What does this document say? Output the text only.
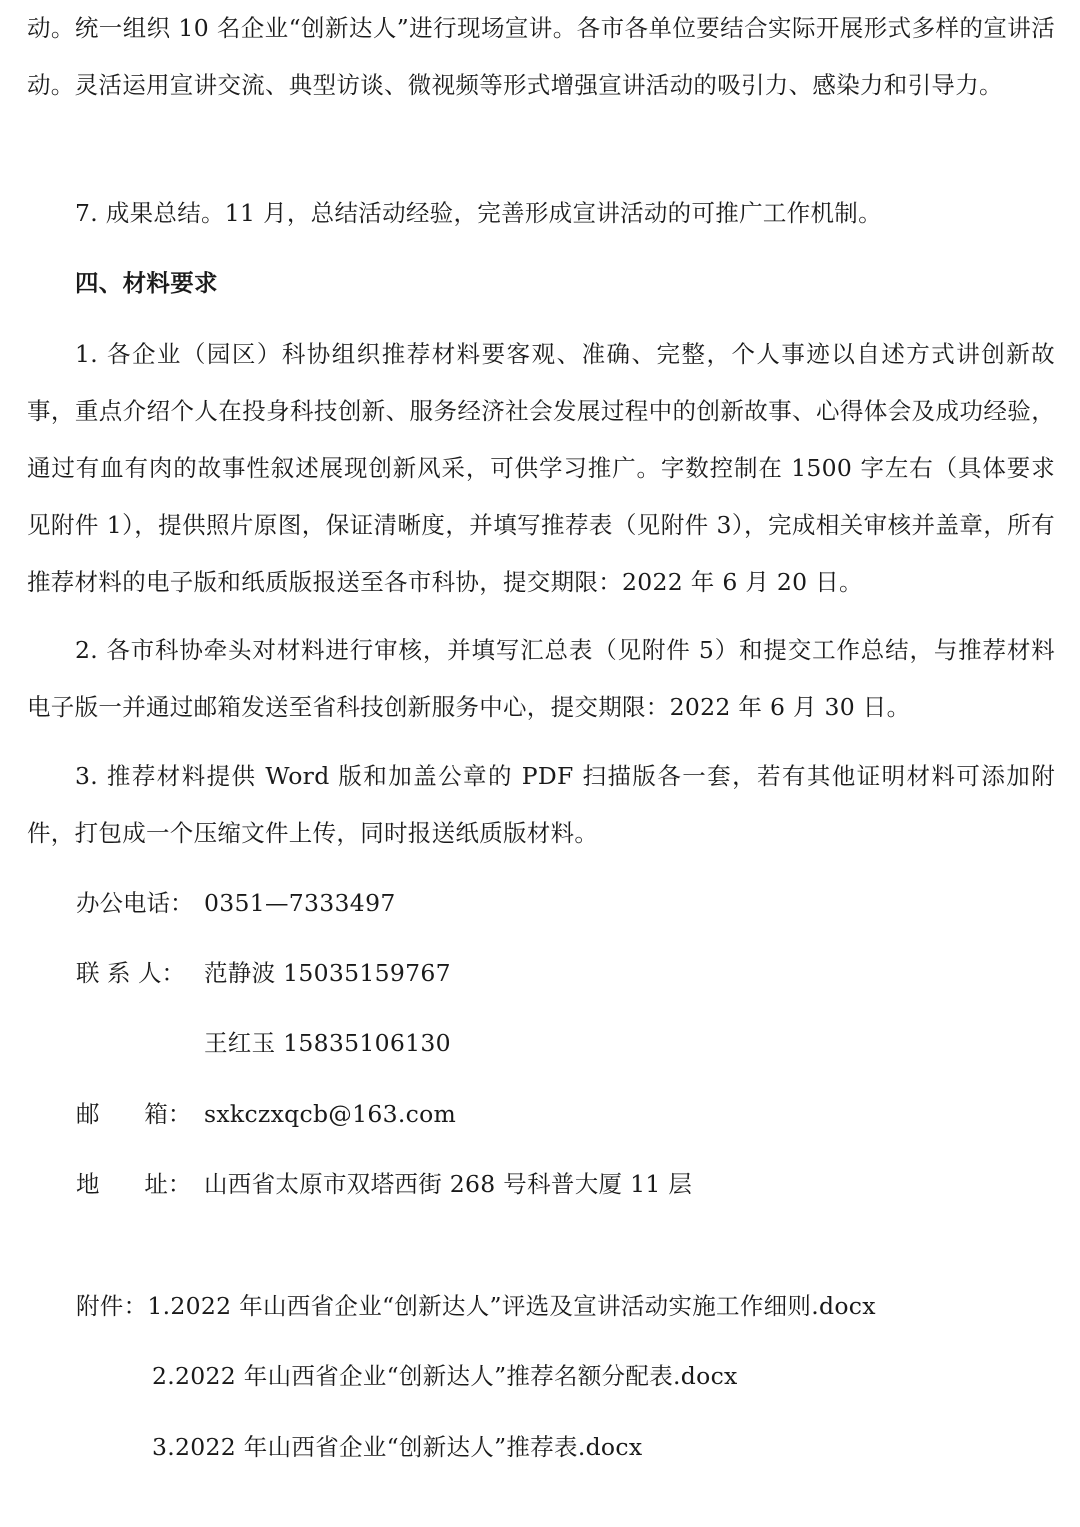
动。统一组织 10 名企业“创新达人”进行现场宣讲。各市各单位要结合实际开展形式多样的宣讲活动。灵活运用宣讲交流、典型访谈、微视频等形式增强宣讲活动的吸引力、感染力和引导力。

7. 成果总结。11 月，总结活动经验，完善形成宣讲活动的可推广工作机制。

四、材料要求

1. 各企业（园区）科协组织推荐材料要客观、准确、完整，个人事迹以自述方式讲创新故事，重点介绍个人在投身科技创新、服务经济社会发展过程中的创新故事、心得体会及成功经验，通过有血有肉的故事性叙述展现创新风采，可供学习推广。字数控制在 1500 字左右（具体要求见附件 1），提供照片原图，保证清晰度，并填写推荐表（见附件 3），完成相关审核并盖章，所有推荐材料的电子版和纸质版报送至各市科协，提交期限：2022 年 6 月 20 日。

2. 各市科协牵头对材料进行审核，并填写汇总表（见附件 5）和提交工作总结，与推荐材料电子版一并通过邮箱发送至省科技创新服务中心，提交期限：2022 年 6 月 30 日。

3. 推荐材料提供 Word 版和加盖公章的 PDF 扫描版各一套，若有其他证明材料可添加附件，打包成一个压缩文件上传，同时报送纸质版材料。

办公电话： 0351—7333497
联 系 人： 范静波 15035159767
王红玉 15835106130
邮      箱： sxkczxqcb@163.com
地      址： 山西省太原市双塔西街 268 号科普大厦 11 层
附件：1.2022 年山西省企业“创新达人”评选及宣讲活动实施工作细则.docx
2.2022 年山西省企业“创新达人”推荐名额分配表.docx
3.2022 年山西省企业“创新达人”推荐表.docx
